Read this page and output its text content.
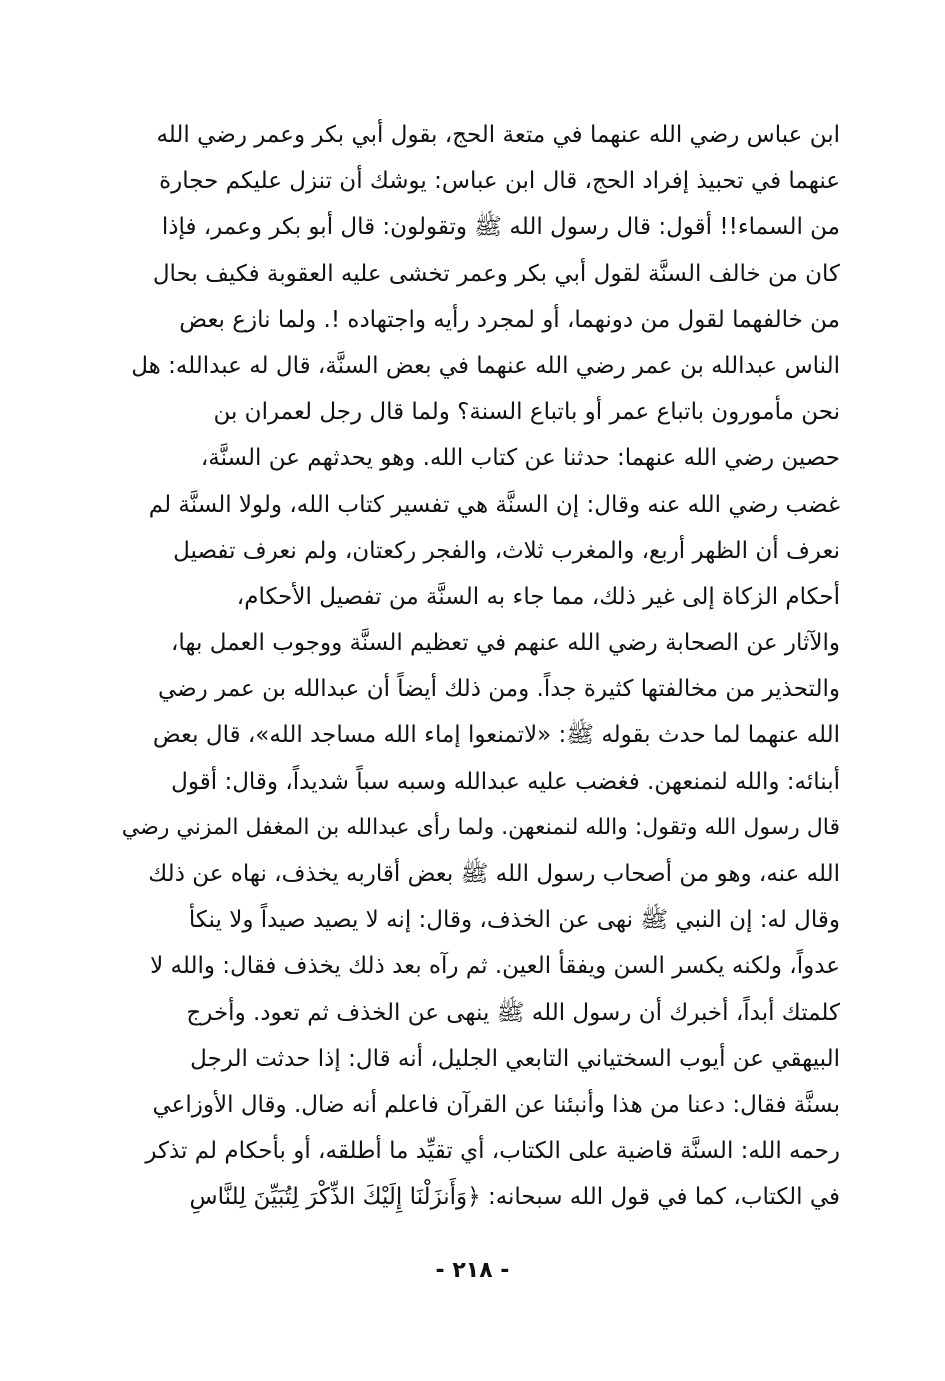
ابن عباس رضي الله عنهما في متعة الحج، بقول أبي بكر وعمر رضي الله
عنهما في تحبيذ إفراد الحج، قال ابن عباس: يوشك أن تنزل عليكم حجارة
من السماء!! أقول: قال رسول الله ﷺ وتقولون: قال أبو بكر وعمر، فإذا
كان من خالف السنَّة لقول أبي بكر وعمر تخشى عليه العقوبة فكيف بحال
من خالفهما لقول من دونهما، أو لمجرد رأيه واجتهاده !. ولما نازع بعض
الناس عبدالله بن عمر رضي الله عنهما في بعض السنَّة، قال له عبدالله: هل
نحن مأمورون باتباع عمر أو باتباع السنة؟ ولما قال رجل لعمران بن
حصين رضي الله عنهما: حدثنا عن كتاب الله. وهو يحدثهم عن السنَّة،
غضب رضي الله عنه وقال: إن السنَّة هي تفسير كتاب الله، ولولا السنَّة لم
نعرف أن الظهر أربع، والمغرب ثلاث، والفجر ركعتان، ولم نعرف تفصيل
أحكام الزكاة إلى غير ذلك، مما جاء به السنَّة من تفصيل الأحكام،
والآثار عن الصحابة رضي الله عنهم في تعظيم السنَّة ووجوب العمل بها،
والتحذير من مخالفتها كثيرة جداً. ومن ذلك أيضاً أن عبدالله بن عمر رضي
الله عنهما لما حدث بقوله ﷺ: «لاتمنعوا إماء الله مساجد الله»، قال بعض
أبنائه: والله لنمنعهن. فغضب عليه عبدالله وسبه سباً شديداً، وقال: أقول
قال رسول الله وتقول: والله لنمنعهن. ولما رأى عبدالله بن المغفل المزني رضي
الله عنه، وهو من أصحاب رسول الله ﷺ بعض أقاربه يخذف، نهاه عن ذلك
وقال له: إن النبي ﷺ نهى عن الخذف، وقال: إنه لا يصيد صيداً ولا ينكأ
عدواً، ولكنه يكسر السن ويفقأ العين. ثم رآه بعد ذلك يخذف فقال: والله لا
كلمتك أبداً، أخبرك أن رسول الله ﷺ ينهى عن الخذف ثم تعود. وأخرج
البيهقي عن أيوب السختياني التابعي الجليل، أنه قال: إذا حدثت الرجل
بسنَّة فقال: دعنا من هذا وأنبئنا عن القرآن فاعلم أنه ضال. وقال الأوزاعي
رحمه الله: السنَّة قاضية على الكتاب، أي تقيِّد ما أطلقه، أو بأحكام لم تذكر
في الكتاب، كما في قول الله سبحانه: ﴿وَأَنزَلْنَا إِلَيْكَ الذِّكْرَ لِتُبَيِّنَ لِلنَّاسِ
- ٢١٨ -
